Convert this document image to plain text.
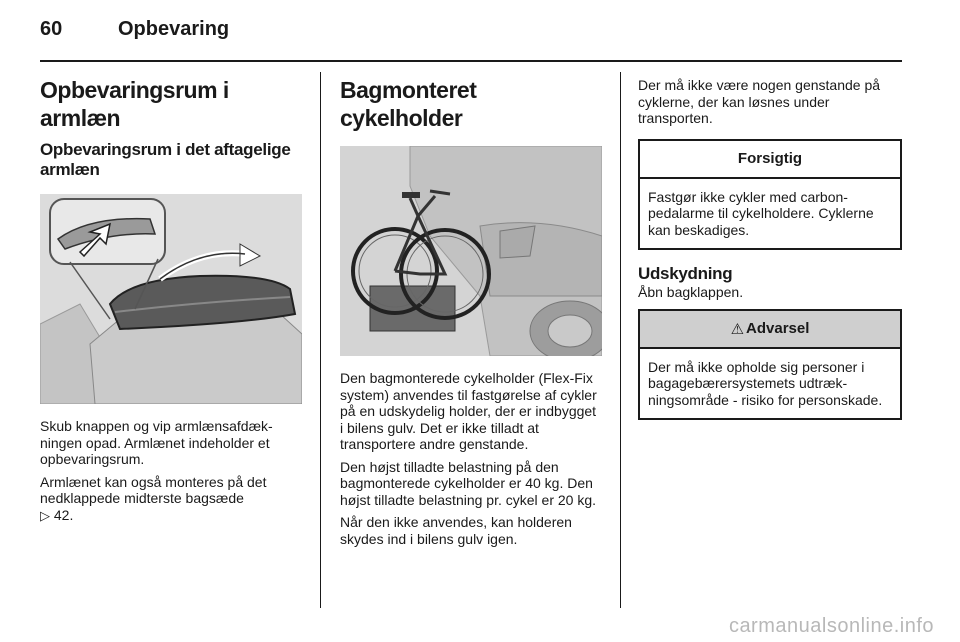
60	Opbevaring
Opbevaringsrum i armlæn
Opbevaringsrum i det aftagelige armlæn

Skub knappen og vip armlænsafdækningen opad. Armlænet indeholder et opbevaringsrum.

Armlænet kan også monteres på det nedklappede midterste bagsæde

▷ 42.

Bagmonteret cykelholder

Den bagmonterede cykelholder (Flex-Fix system) anvendes til fastgørelse af cykler på en udskydelig holder, der er indbygget i bilens gulv. Det er ikke tilladt at transportere andre genstande.

Den højst tilladte belastning på den bagmonterede cykelholder er 40 kg. Den højst tilladte belastning pr. cykel er 20 kg.

Når den ikke anvendes, kan holderen skydes ind i bilens gulv igen.

Der må ikke være nogen genstande på cyklerne, der kan løsnes under transporten.

Forsigtig
Fastgør ikke cykler med carbonpedalarme til cykelholdere. Cyklerne kan beskadiges.
Udskydning

Åbn bagklappen.

⚠ Advarsel
Der må ikke opholde sig personer i bagagebærersystemets udtrækningsområde - risiko for personskade.
carmanualsonline.info
